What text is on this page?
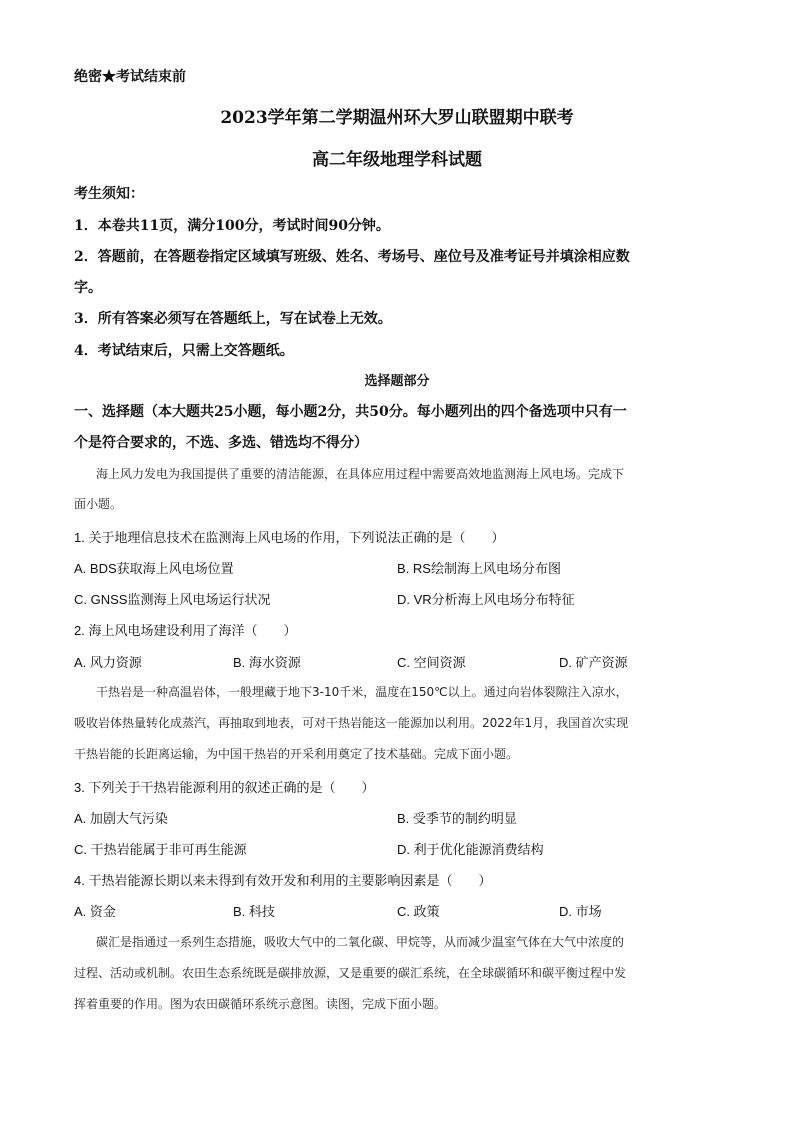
绝密★考试结束前
2023学年第二学期温州环大罗山联盟期中联考
高二年级地理学科试题
考生须知：
1．本卷共11页，满分100分，考试时间90分钟。
2．答题前，在答题卷指定区域填写班级、姓名、考场号、座位号及准考证号并填涂相应数
字。
3．所有答案必须写在答题纸上，写在试卷上无效。
4．考试结束后，只需上交答题纸。
选择题部分
一、选择题（本大题共25小题，每小题2分，共50分。每小题列出的四个备选项中只有一
个是符合要求的，不选、多选、错选均不得分）
海上风力发电为我国提供了重要的清洁能源，在具体应用过程中需要高效地监测海上风电场。完成下
面小题。
1. 关于地理信息技术在监测海上风电场的作用，下列说法正确的是（　　）
A. BDS获取海上风电场位置	B. RS绘制海上风电场分布图
C. GNSS监测海上风电场运行状况	D. VR分析海上风电场分布特征
2. 海上风电场建设利用了海洋（　　）
A. 风力资源	B. 海水资源	C. 空间资源	D. 矿产资源
干热岩是一种高温岩体，一般埋藏于地下3-10千米，温度在150℃以上。通过向岩体裂隙注入凉水，
吸收岩体热量转化成蒸汽，再抽取到地表，可对干热岩能这一能源加以利用。2022年1月，我国首次实现
干热岩能的长距离运输，为中国干热岩的开采利用奠定了技术基础。完成下面小题。
3. 下列关于干热岩能源利用的叙述正确的是（　　）
A. 加剧大气污染	B. 受季节的制约明显
C. 干热岩能属于非可再生能源	D. 利于优化能源消费结构
4. 干热岩能源长期以来未得到有效开发和利用的主要影响因素是（　　）
A. 资金	B. 科技	C. 政策	D. 市场
碳汇是指通过一系列生态措施，吸收大气中的二氧化碳、甲烷等，从而减少温室气体在大气中浓度的
过程、活动或机制。农田生态系统既是碳排放源，又是重要的碳汇系统，在全球碳循环和碳平衡过程中发
挥着重要的作用。图为农田碳循环系统示意图。读图，完成下面小题。
